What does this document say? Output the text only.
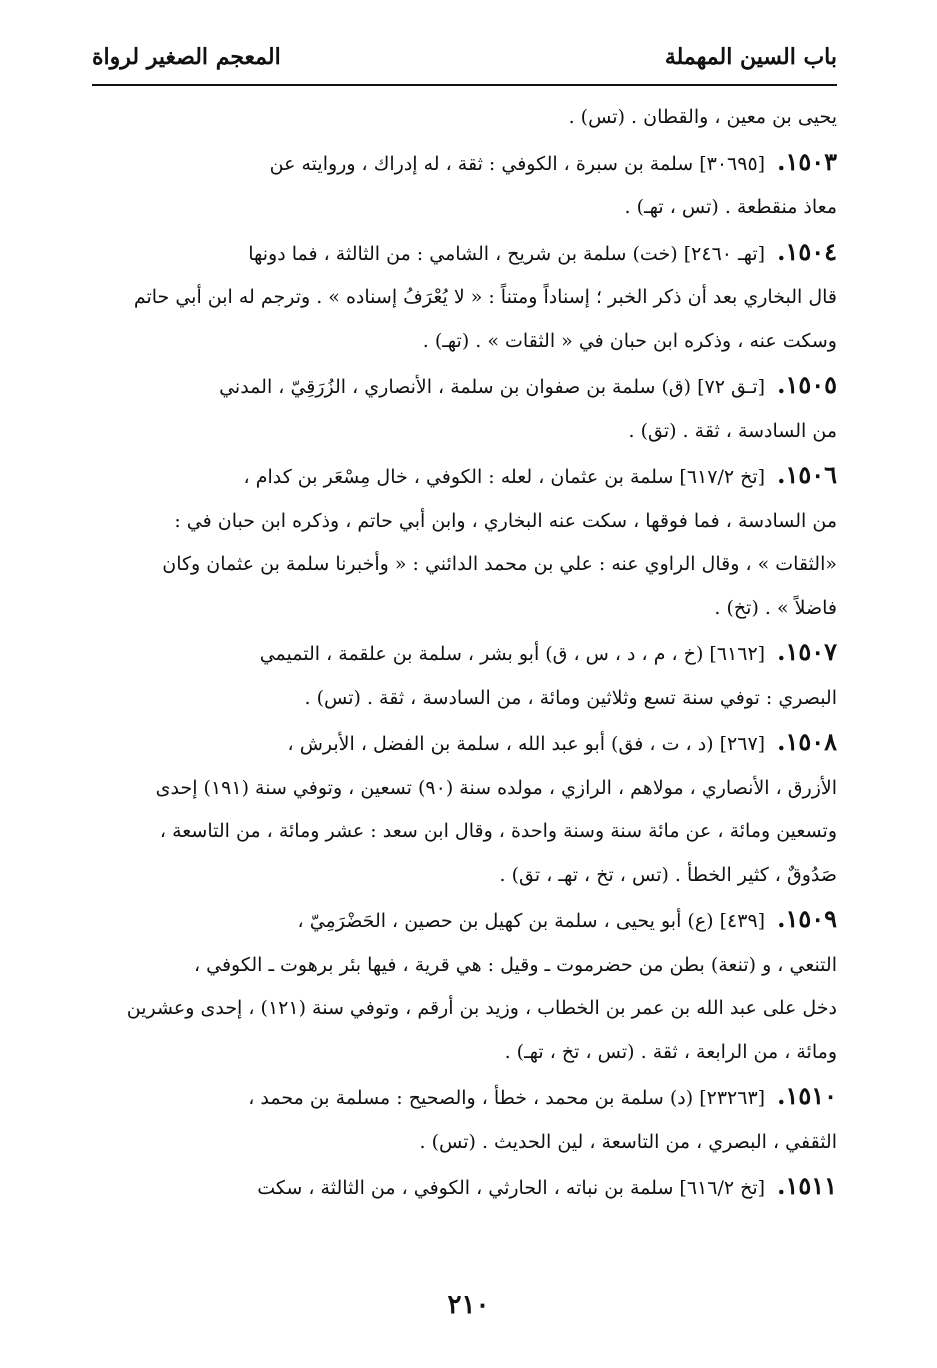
باب السين المهملة
المعجم الصغير لرواة
يحيى بن معين ، والقطان . (تس) .
١٥٠٣.[٣٠٦٩٥] سلمة بن سبرة ، الكوفي : ثقة ، له إدراك ، وروايته عن
معاذ منقطعة . (تس ، تهـ) .
١٥٠٤.[تهـ ٢٤٦٠] (خت) سلمة بن شريح ، الشامي : من الثالثة ، فما دونها
قال البخاري بعد أن ذكر الخبر ؛ إسناداً ومتناً : « لا يُعْرَفُ إسناده » . وترجم له ابن أبي حاتم
وسكت عنه ، وذكره ابن حبان في « الثقات » . (تهـ) .
١٥٠٥.[تـق ٧٢] (ق) سلمة بن صفوان بن سلمة ، الأنصاري ، الزُرَقِيّ ، المدني
من السادسة ، ثقة . (تق) .
١٥٠٦.[تخ ٦١٧/٢] سلمة بن عثمان ، لعله : الكوفي ، خال مِسْعَر بن كدام ،
من السادسة ، فما فوقها ، سكت عنه البخاري ، وابن أبي حاتم ، وذكره ابن حبان في :
«الثقات » ، وقال الراوي عنه : علي بن محمد الدائني : « وأخبرنا سلمة بن عثمان وكان
فاضلاً » . (تخ) .
١٥٠٧.[٦١٦٢] (خ ، م ، د ، س ، ق) أبو بشر ، سلمة بن علقمة ، التميمي
البصري : توفي سنة تسع وثلاثين ومائة ، من السادسة ، ثقة . (تس) .
١٥٠٨.[٢٦٧] (د ، ت ، فق) أبو عبد الله ، سلمة بن الفضل ، الأبرش ،
الأزرق ، الأنصاري ، مولاهم ، الرازي ، مولده سنة (٩٠) تسعين ، وتوفي سنة (١٩١) إحدى
وتسعين ومائة ، عن مائة سنة وسنة واحدة ، وقال ابن سعد : عشر ومائة ، من التاسعة ،
صَدُوقٌ ، كثير الخطأ . (تس ، تخ ، تهـ ، تق) .
١٥٠٩.[٤٣٩] (ع) أبو يحيى ، سلمة بن كهيل بن حصين ، الحَضْرَمِيّ ،
التنعي ، و (تنعة) بطن من حضرموت ـ وقيل : هي قرية ، فيها بئر برهوت ـ الكوفي ،
دخل على عبد الله بن عمر بن الخطاب ، وزيد بن أرقم ، وتوفي سنة (١٢١) ، إحدى وعشرين
ومائة ، من الرابعة ، ثقة . (تس ، تخ ، تهـ) .
١٥١٠.[٢٣٢٦٣] (د) سلمة بن محمد ، خطأ ، والصحيح : مسلمة بن محمد ،
الثقفي ، البصري ، من التاسعة ، لين الحديث . (تس) .
١٥١١.[تخ ٦١٦/٢] سلمة بن نباته ، الحارثي ، الكوفي ، من الثالثة ، سكت
٢١٠
